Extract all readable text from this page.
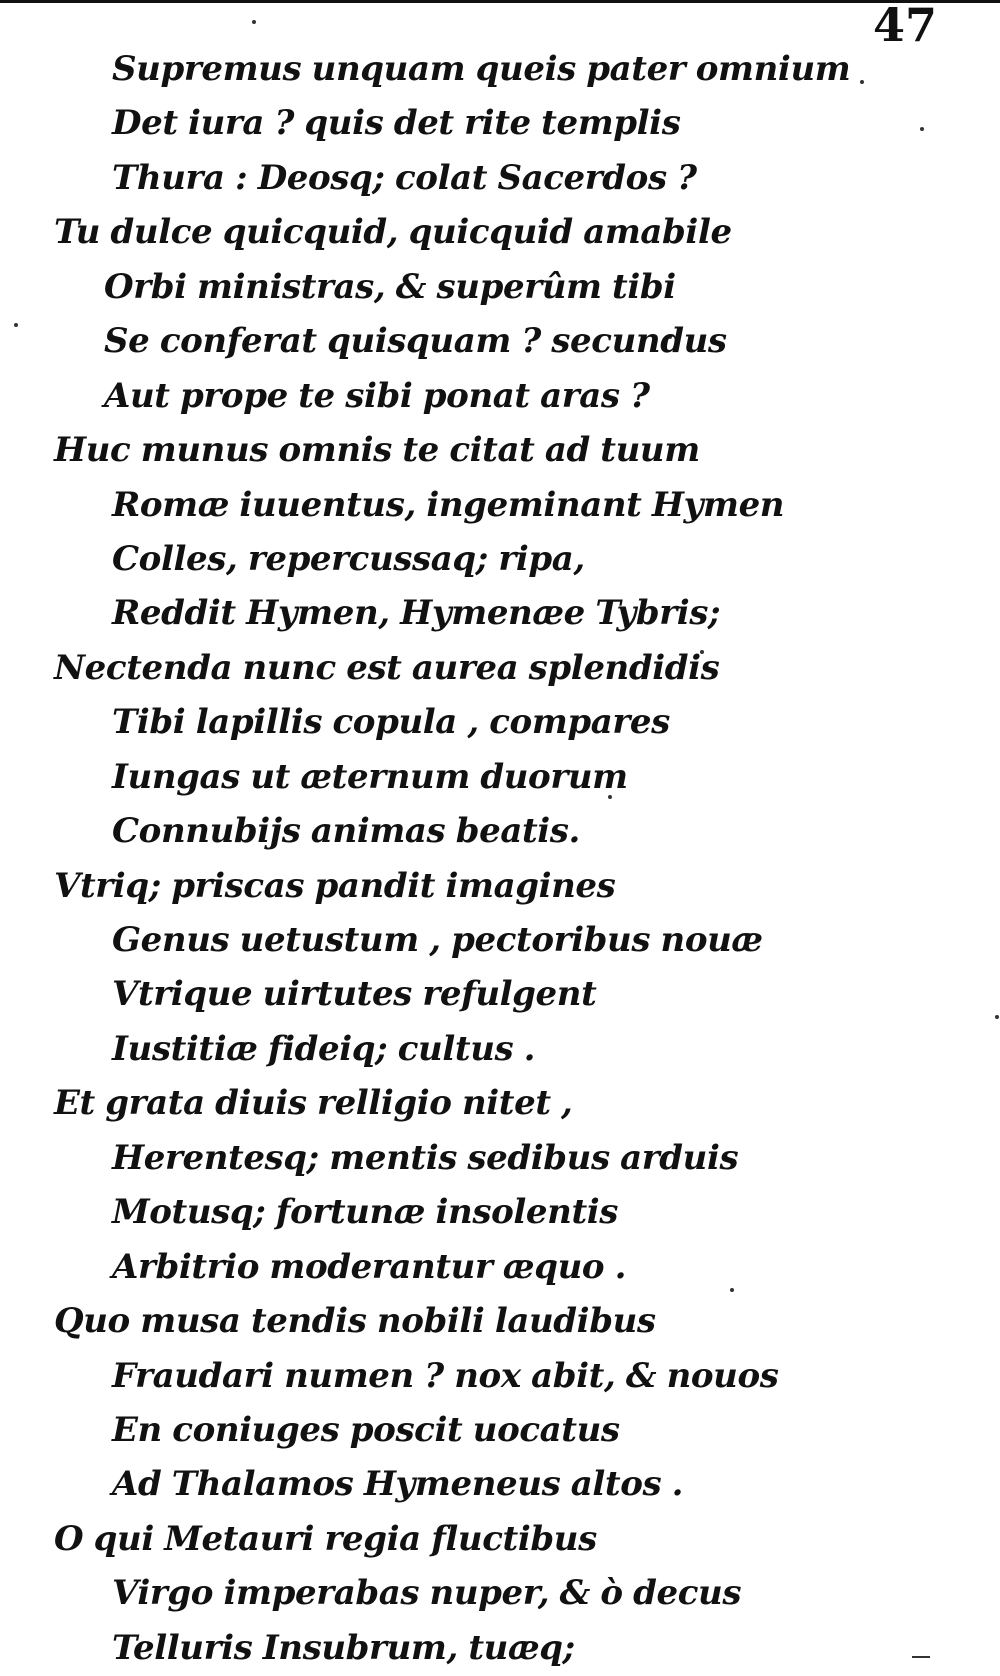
47
Supremus unquam queis pater omnium
Det iura ? quis det rite templis
Thura : Deosq; colat Sacerdos ?
Tu dulce quicquid, quicquid amabile
Orbi ministras, & superûm tibi
Se conferat quisquam ? secundus
Aut prope te sibi ponat aras ?
Huc munus omnis te citat ad tuum
Romæ iuuentus, ingeminant Hymen
Colles, repercussaq; ripa,
Reddit Hymen, Hymenæe Tybris;
Nectenda nunc est aurea splendidis
Tibi lapillis copula , compares
Iungas ut æternum duorum
Connubijs animas beatis.
Vtriq; priscas pandit imagines
Genus uetustum , pectoribus nouæ
Vtrique uirtutes refulgent
Iustitiæ fideiq; cultus .
Et grata diuis relligio nitet ,
Herentesq; mentis sedibus arduis
Motusq; fortunæ insolentis
Arbitrio moderantur æquo .
Quo musa tendis nobili laudibus
Fraudari numen ? nox abit, & nouos
En coniuges poscit uocatus
Ad Thalamos Hymeneus altos .
O qui Metauri regia fluctibus
Virgo imperabas nuper, & ò decus
Telluris Insubrum, tuæq;
